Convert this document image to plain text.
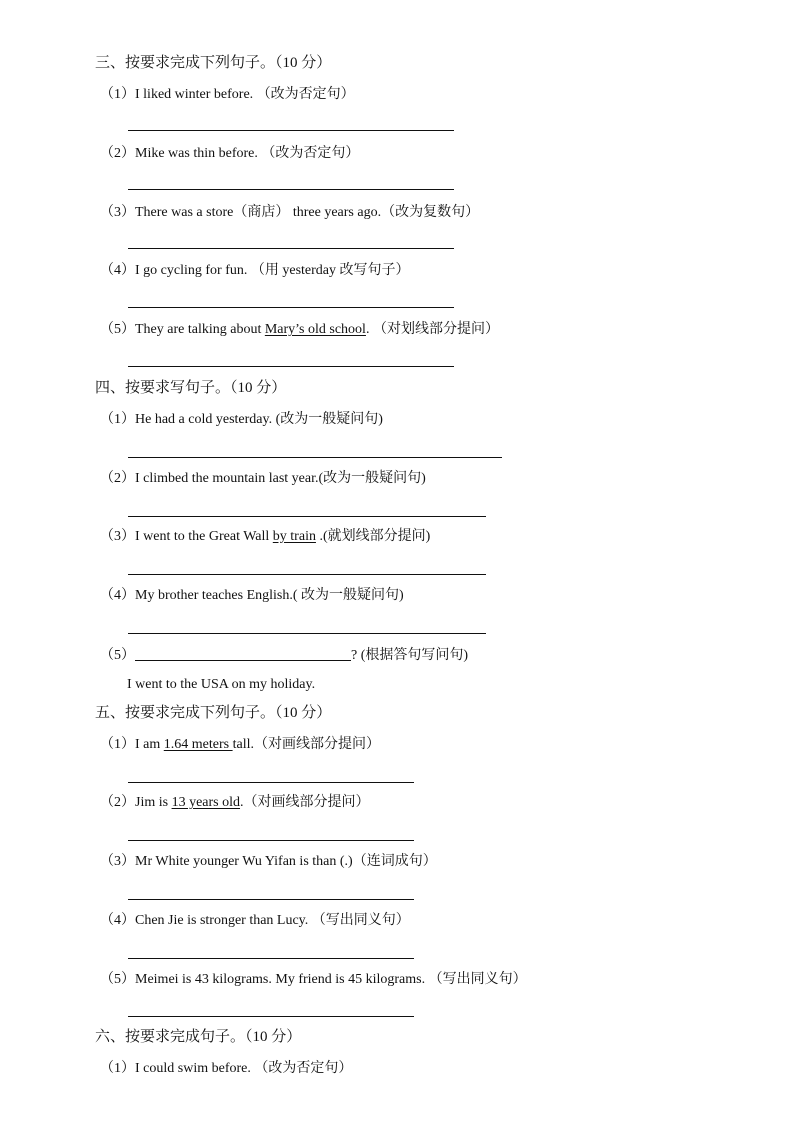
三、按要求完成下列句子。（10 分）
（1）I liked winter before. （改为否定句）
（2）Mike was thin before. （改为否定句）
（3）There was a store（商店） three years ago.（改为复数句）
（4）I go cycling for fun. （用 yesterday 改写句子）
（5）They are talking about Mary’s old school. （对划线部分提问）
四、按要求写句子。（10 分）
（1）He had a cold yesterday. (改为一般疑问句)
（2）I climbed the mountain last year.(改为一般疑问句)
（3）I went to the Great Wall by train .(就划线部分提问)
（4）My brother teaches English.( 改为一般疑问句)
（5）	? (根据答句写问句)
I went to the USA on my holiday.
五、按要求完成下列句子。（10 分）
（1）I am 1.64 meters tall.（对画线部分提问）
（2）Jim is 13 years old.（对画线部分提问）
（3）Mr White younger Wu Yifan is than (.)（连词成句）
（4）Chen Jie is stronger than Lucy. （写出同义句）
（5）Meimei is 43 kilograms. My friend is 45 kilograms. （写出同义句）
六、按要求完成句子。（10 分）
（1）I could swim before. （改为否定句）
